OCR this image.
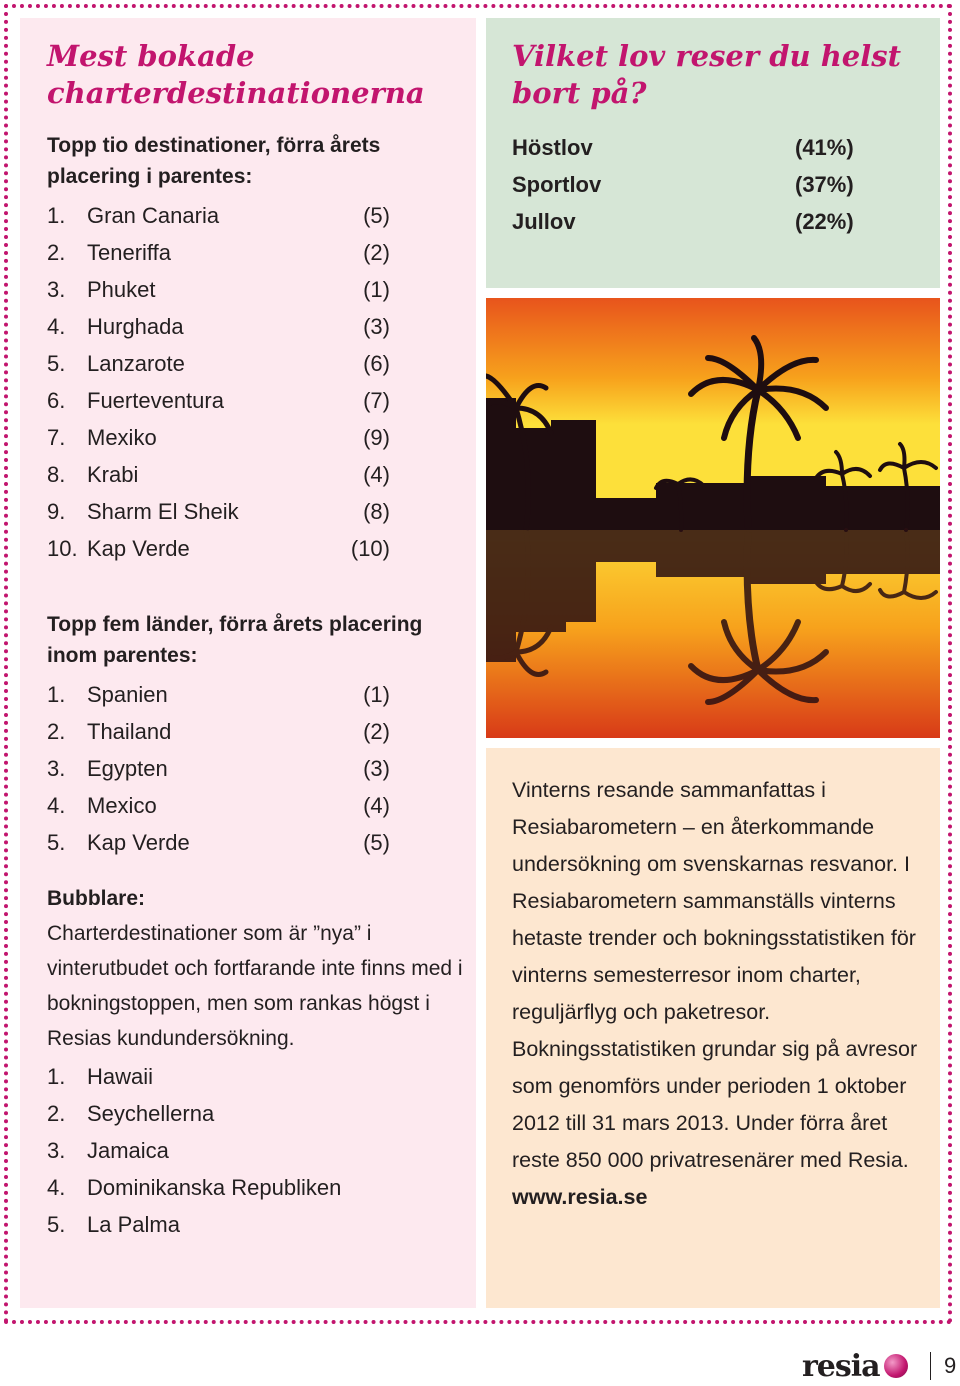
Mest bokade charterdestinationerna

Topp tio destinationer, förra årets placering i parentes:

1. Gran Canaria	(5)
2. Teneriffa	(2)
3. Phuket	(1)
4. Hurghada	(3)
5. Lanzarote	(6)
6. Fuerteventura	(7)
7. Mexiko	(9)
8. Krabi	(4)
9. Sharm El Sheik	(8)
10. Kap Verde	(10)

Topp fem länder, förra årets placering inom parentes:

1. Spanien	(1)
2. Thailand	(2)
3. Egypten	(3)
4. Mexico	(4)
5. Kap Verde	(5)

Bubblare:

Charterdestinationer som är ”nya” i vinterutbudet och fortfarande inte finns med i bokningstoppen, men som rankas högst i Resias kundundersökning.

1. Hawaii
2. Seychellerna
3. Jamaica
4. Dominikanska Republiken
5. La Palma
Vilket lov reser du helst bort på?
Höstlov	(41%)
Sportlov	(37%)
Jullov	(22%)
Vinterns resande sammanfattas i Resiabarometern – en återkommande undersökning om svenskarnas resvanor. I Resiabarometern sammanställs vinterns hetaste trender och bokningsstatistiken för vinterns semesterresor inom charter, reguljärflyg och paketresor. Bokningsstatistiken grundar sig på avresor som genomförs under perioden 1 oktober 2012 till 31 mars 2013. Under förra året reste 850 000 privatresenärer med Resia.
www.resia.se
resia	9
